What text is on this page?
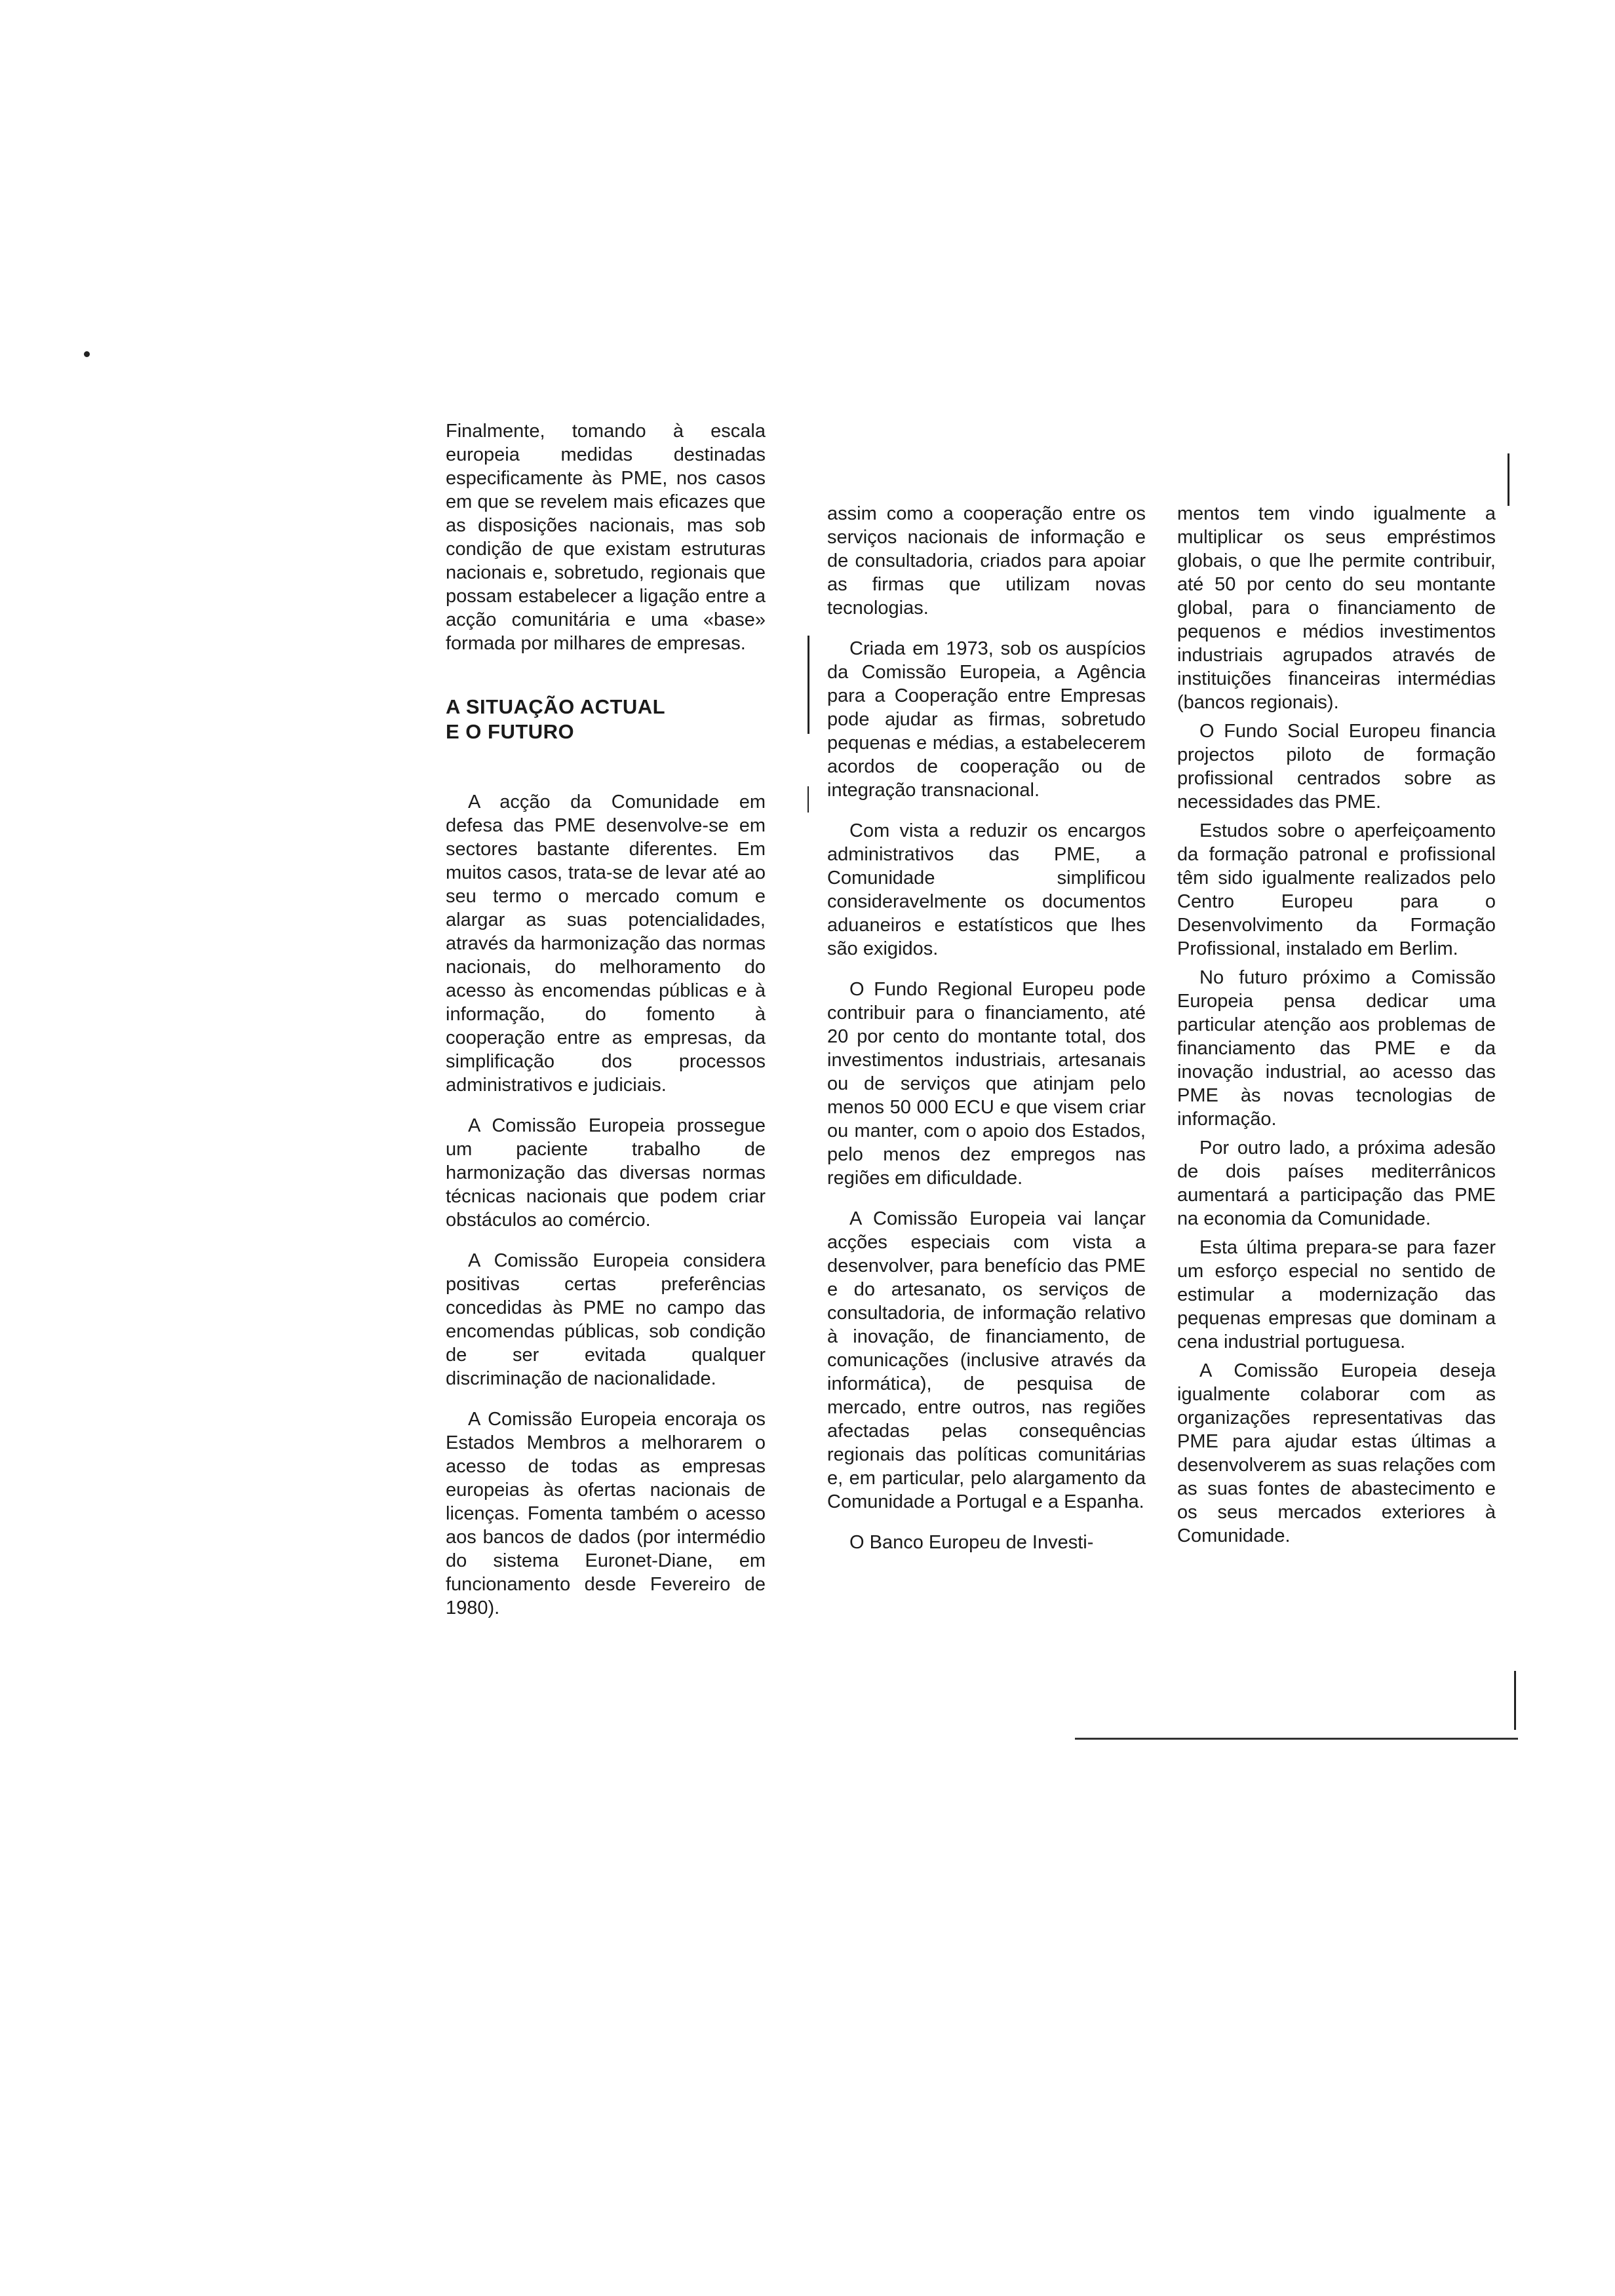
Finalmente, tomando à escala europeia medidas destinadas especificamente às PME, nos casos em que se revelem mais eficazes que as disposições nacionais, mas sob condição de que existam estruturas nacionais e, sobretudo, regionais que possam estabelecer a ligação entre a acção comunitária e uma «base» formada por milhares de empresas.

A SITUAÇÃO ACTUAL
E O FUTURO

A acção da Comunidade em defesa das PME desenvolve-se em sectores bastante diferentes. Em muitos casos, trata-se de levar até ao seu termo o mercado comum e alargar as suas potencialidades, através da harmonização das normas nacionais, do melhoramento do acesso às encomendas públicas e à informação, do fomento à cooperação entre as empresas, da simplificação dos processos administrativos e judiciais.

A Comissão Europeia prossegue um paciente trabalho de harmonização das diversas normas técnicas nacionais que podem criar obstáculos ao comércio.

A Comissão Europeia considera positivas certas preferências concedidas às PME no campo das encomendas públicas, sob condição de ser evitada qualquer discriminação de nacionalidade.

A Comissão Europeia encoraja os Estados Membros a melhorarem o acesso de todas as empresas europeias às ofertas nacionais de licenças. Fomenta também o acesso aos bancos de dados (por intermédio do sistema Euronet-Diane, em funcionamento desde Fevereiro de 1980).

assim como a cooperação entre os serviços nacionais de informação e de consultadoria, criados para apoiar as firmas que utilizam novas tecnologias.

Criada em 1973, sob os auspícios da Comissão Europeia, a Agência para a Cooperação entre Empresas pode ajudar as firmas, sobretudo pequenas e médias, a estabelecerem acordos de cooperação ou de integração transnacional.

Com vista a reduzir os encargos administrativos das PME, a Comunidade simplificou consideravelmente os documentos aduaneiros e estatísticos que lhes são exigidos.

O Fundo Regional Europeu pode contribuir para o financiamento, até 20 por cento do montante total, dos investimentos industriais, artesanais ou de serviços que atinjam pelo menos 50 000 ECU e que visem criar ou manter, com o apoio dos Estados, pelo menos dez empregos nas regiões em dificuldade.

A Comissão Europeia vai lançar acções especiais com vista a desenvolver, para benefício das PME e do artesanato, os serviços de consultadoria, de informação relativo à inovação, de financiamento, de comunicações (inclusive através da informática), de pesquisa de mercado, entre outros, nas regiões afectadas pelas consequências regionais das políticas comunitárias e, em particular, pelo alargamento da Comunidade a Portugal e a Espanha.

O Banco Europeu de Investi-

mentos tem vindo igualmente a multiplicar os seus empréstimos globais, o que lhe permite contribuir, até 50 por cento do seu montante global, para o financiamento de pequenos e médios investimentos industriais agrupados através de instituições financeiras intermédias (bancos regionais).

O Fundo Social Europeu financia projectos piloto de formação profissional centrados sobre as necessidades das PME.

Estudos sobre o aperfeiçoamento da formação patronal e profissional têm sido igualmente realizados pelo Centro Europeu para o Desenvolvimento da Formação Profissional, instalado em Berlim.

No futuro próximo a Comissão Europeia pensa dedicar uma particular atenção aos problemas de financiamento das PME e da inovação industrial, ao acesso das PME às novas tecnologias de informação.

Por outro lado, a próxima adesão de dois países mediterrânicos aumentará a participação das PME na economia da Comunidade.

Esta última prepara-se para fazer um esforço especial no sentido de estimular a modernização das pequenas empresas que dominam a cena industrial portuguesa.

A Comissão Europeia deseja igualmente colaborar com as organizações representativas das PME para ajudar estas últimas a desenvolverem as suas relações com as suas fontes de abastecimento e os seus mercados exteriores à Comunidade.
